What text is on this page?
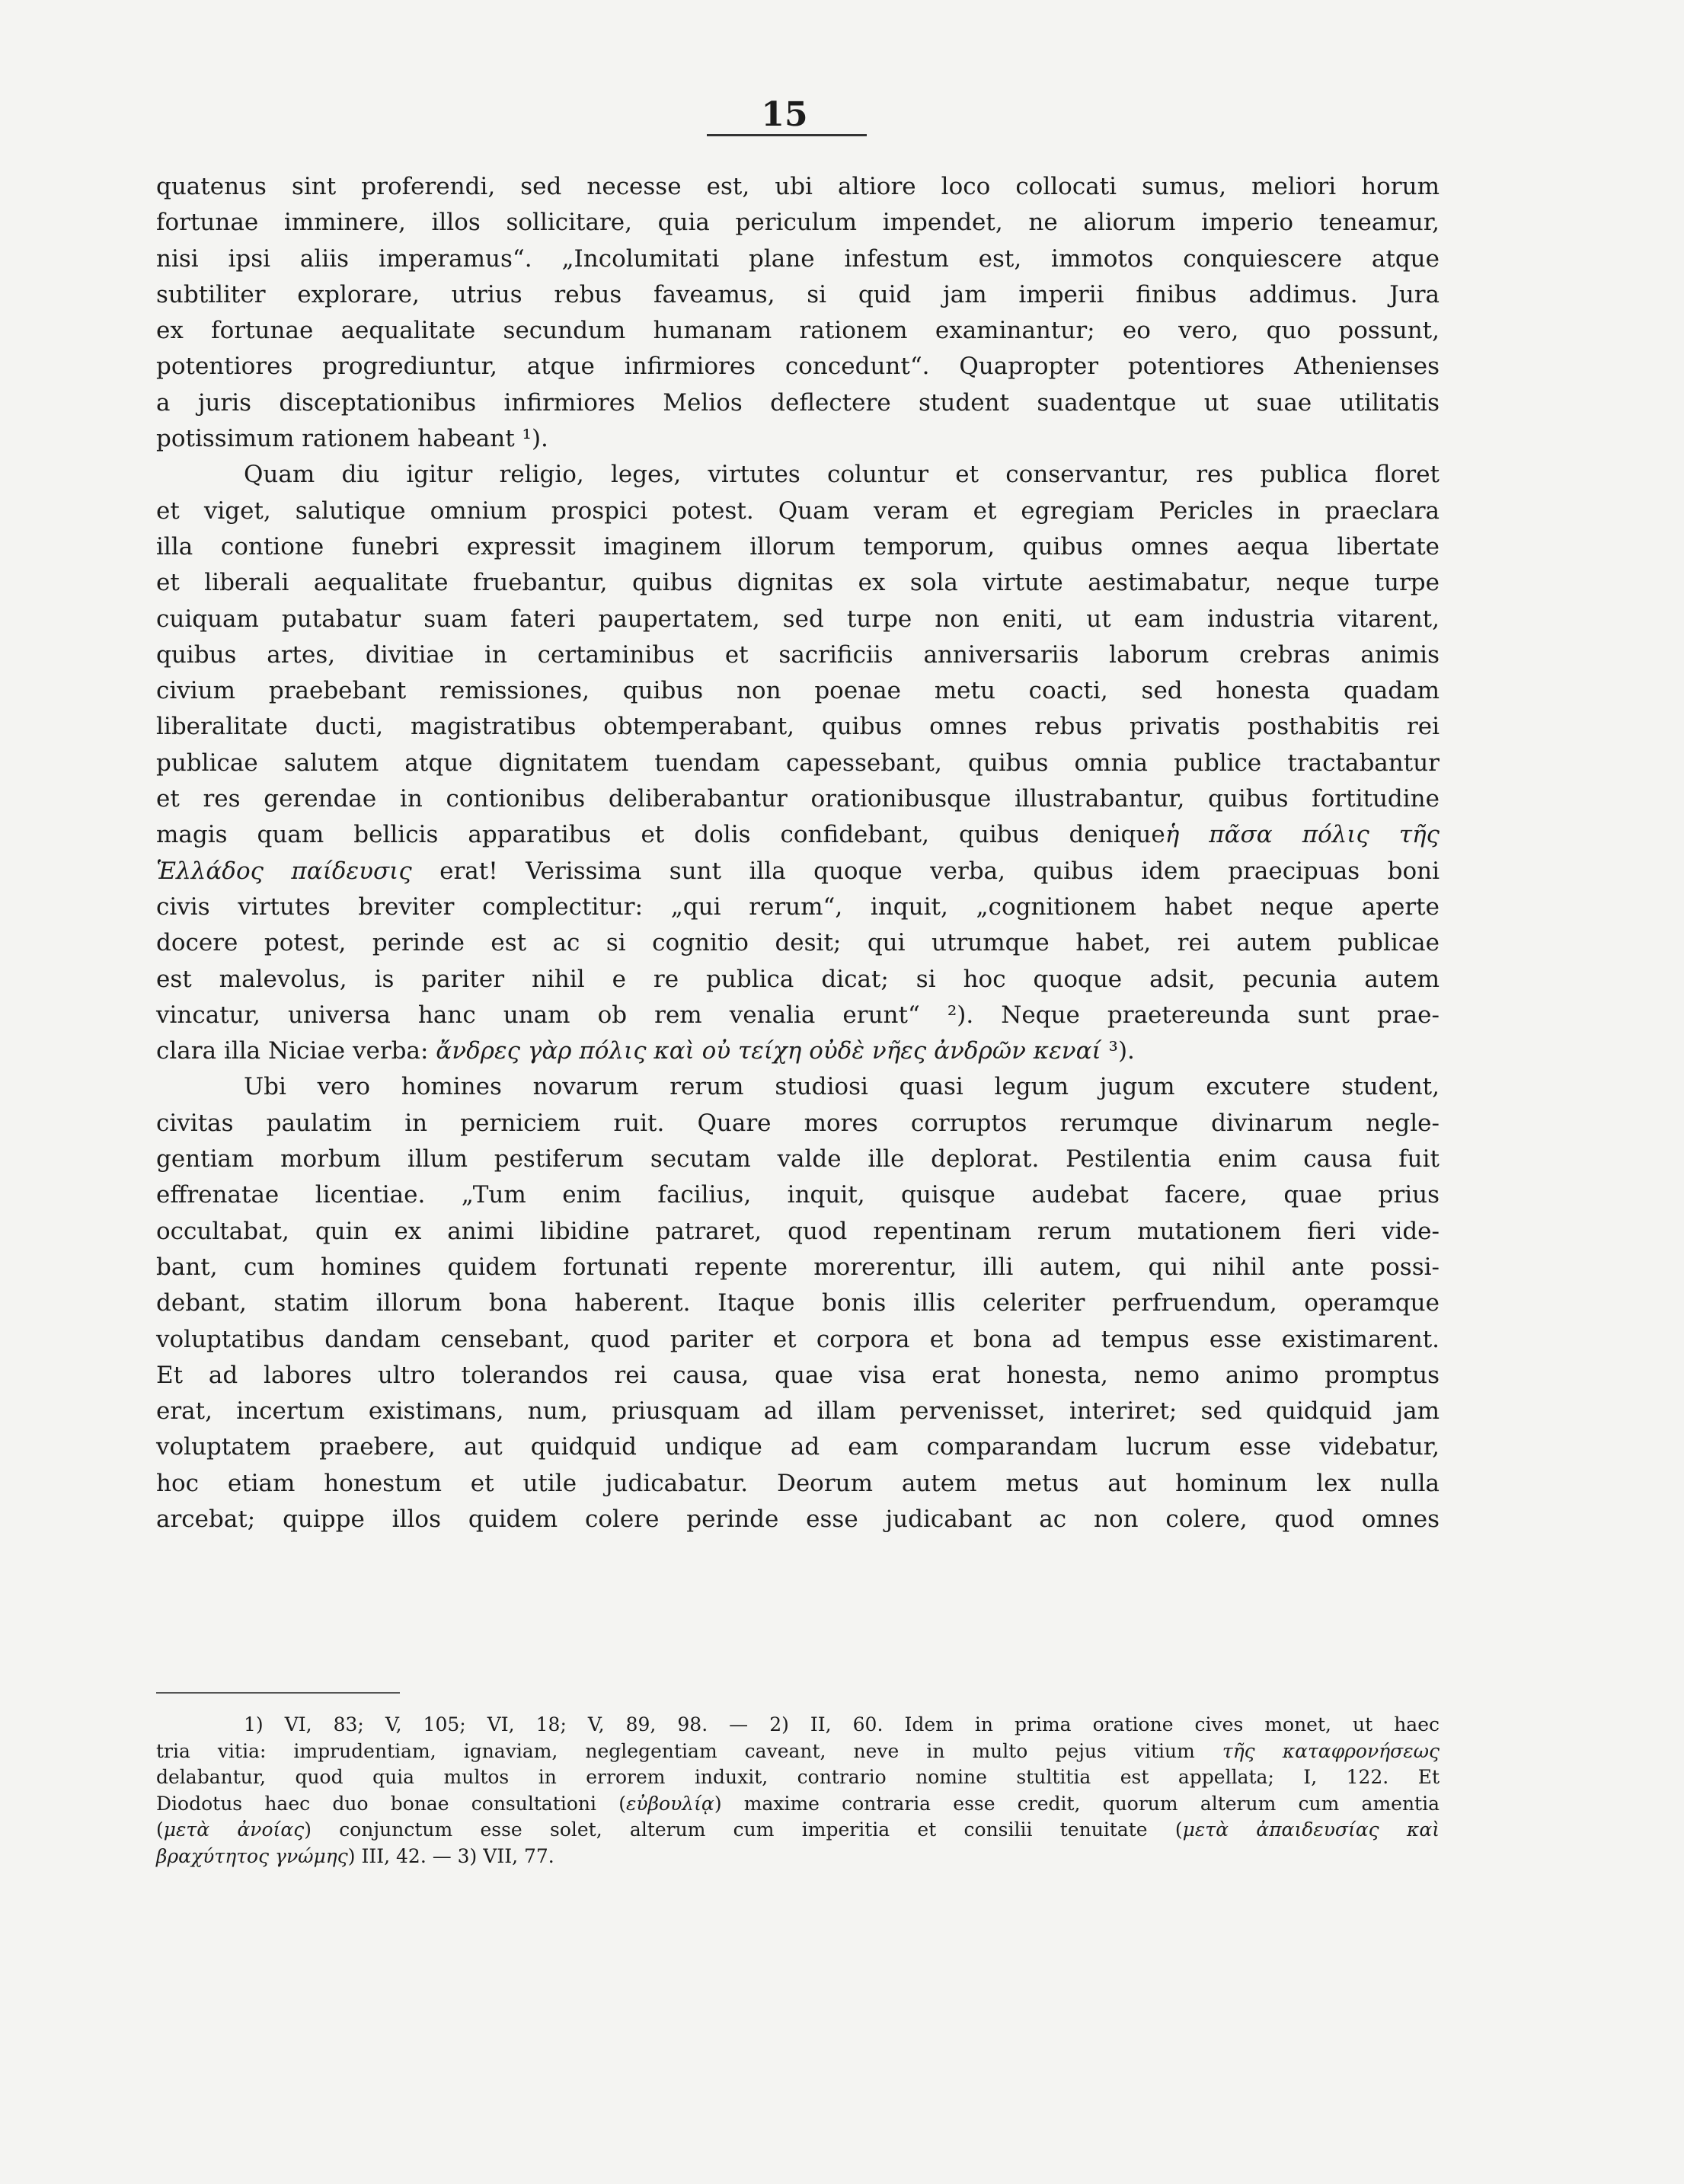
15
quatenus sint proferendi, sed necesse est, ubi altiore loco collocati sumus, meliori horum
fortunae imminere, illos sollicitare, quia periculum impendet, ne aliorum imperio teneamur,
nisi ipsi aliis imperamus“. „Incolumitati plane infestum est, immotos conquiescere atque
subtiliter explorare, utrius rebus faveamus, si quid jam imperii finibus addimus. Jura
ex fortunae aequalitate secundum humanam rationem examinantur; eo vero, quo possunt,
potentiores progrediuntur, atque infirmiores concedunt“. Quapropter potentiores Athenienses
a juris disceptationibus infirmiores Melios deflectere student suadentque ut suae utilitatis
potissimum rationem habeant ¹).
Quam diu igitur religio, leges, virtutes coluntur et conservantur, res publica floret
et viget, salutique omnium prospici potest. Quam veram et egregiam Pericles in praeclara
illa contione funebri expressit imaginem illorum temporum, quibus omnes aequa libertate
et liberali aequalitate fruebantur, quibus dignitas ex sola virtute aestimabatur, neque turpe
cuiquam putabatur suam fateri paupertatem, sed turpe non eniti, ut eam industria vitarent,
quibus artes, divitiae in certaminibus et sacrificiis anniversariis laborum crebras animis
civium praebebant remissiones, quibus non poenae metu coacti, sed honesta quadam
liberalitate ducti, magistratibus obtemperabant, quibus omnes rebus privatis posthabitis rei
publicae salutem atque dignitatem tuendam capessebant, quibus omnia publice tractabantur
et res gerendae in contionibus deliberabantur orationibusque illustrabantur, quibus fortitudine
magis quam bellicis apparatibus et dolis confidebant, quibus deniqueἡ πᾶσα πόλις τῆς
Ἑλλάδος παίδευσις erat! Verissima sunt illa quoque verba, quibus idem praecipuas boni
civis virtutes breviter complectitur: „qui rerum“, inquit, „cognitionem habet neque aperte
docere potest, perinde est ac si cognitio desit; qui utrumque habet, rei autem publicae
est malevolus, is pariter nihil e re publica dicat; si hoc quoque adsit, pecunia autem
vincatur, universa hanc unam ob rem venalia erunt“ ²). Neque praetereunda sunt prae-
clara illa Niciae verba: ἄνδρες γὰρ πόλις καὶ οὐ τείχη οὐδὲ νῆες ἀνδρῶν κεναί ³).
Ubi vero homines novarum rerum studiosi quasi legum jugum excutere student,
civitas paulatim in perniciem ruit. Quare mores corruptos rerumque divinarum negle-
gentiam morbum illum pestiferum secutam valde ille deplorat. Pestilentia enim causa fuit
effrenatae licentiae. „Tum enim facilius, inquit, quisque audebat facere, quae prius
occultabat, quin ex animi libidine patraret, quod repentinam rerum mutationem fieri vide-
bant, cum homines quidem fortunati repente morerentur, illi autem, qui nihil ante possi-
debant, statim illorum bona haberent. Itaque bonis illis celeriter perfruendum, operamque
voluptatibus dandam censebant, quod pariter et corpora et bona ad tempus esse existimarent.
Et ad labores ultro tolerandos rei causa, quae visa erat honesta, nemo animo promptus
erat, incertum existimans, num, priusquam ad illam pervenisset, interiret; sed quidquid jam
voluptatem praebere, aut quidquid undique ad eam comparandam lucrum esse videbatur,
hoc etiam honestum et utile judicabatur. Deorum autem metus aut hominum lex nulla
arcebat; quippe illos quidem colere perinde esse judicabant ac non colere, quod omnes
1) VI, 83; V, 105; VI, 18; V, 89, 98. — 2) II, 60. Idem in prima oratione cives monet, ut haec
tria vitia: imprudentiam, ignaviam, neglegentiam caveant, neve in multo pejus vitium τῆς καταφρονήσεως
delabantur, quod quia multos in errorem induxit, contrario nomine stultitia est appellata; I, 122. Et
Diodotus haec duo bonae consultationi (εὐβουλίᾳ) maxime contraria esse credit, quorum alterum cum amentia
(μετὰ ἀνοίας) conjunctum esse solet, alterum cum imperitia et consilii tenuitate (μετὰ ἀπαιδευσίας καὶ
βραχύτητος γνώμης) III, 42. — 3) VII, 77.
